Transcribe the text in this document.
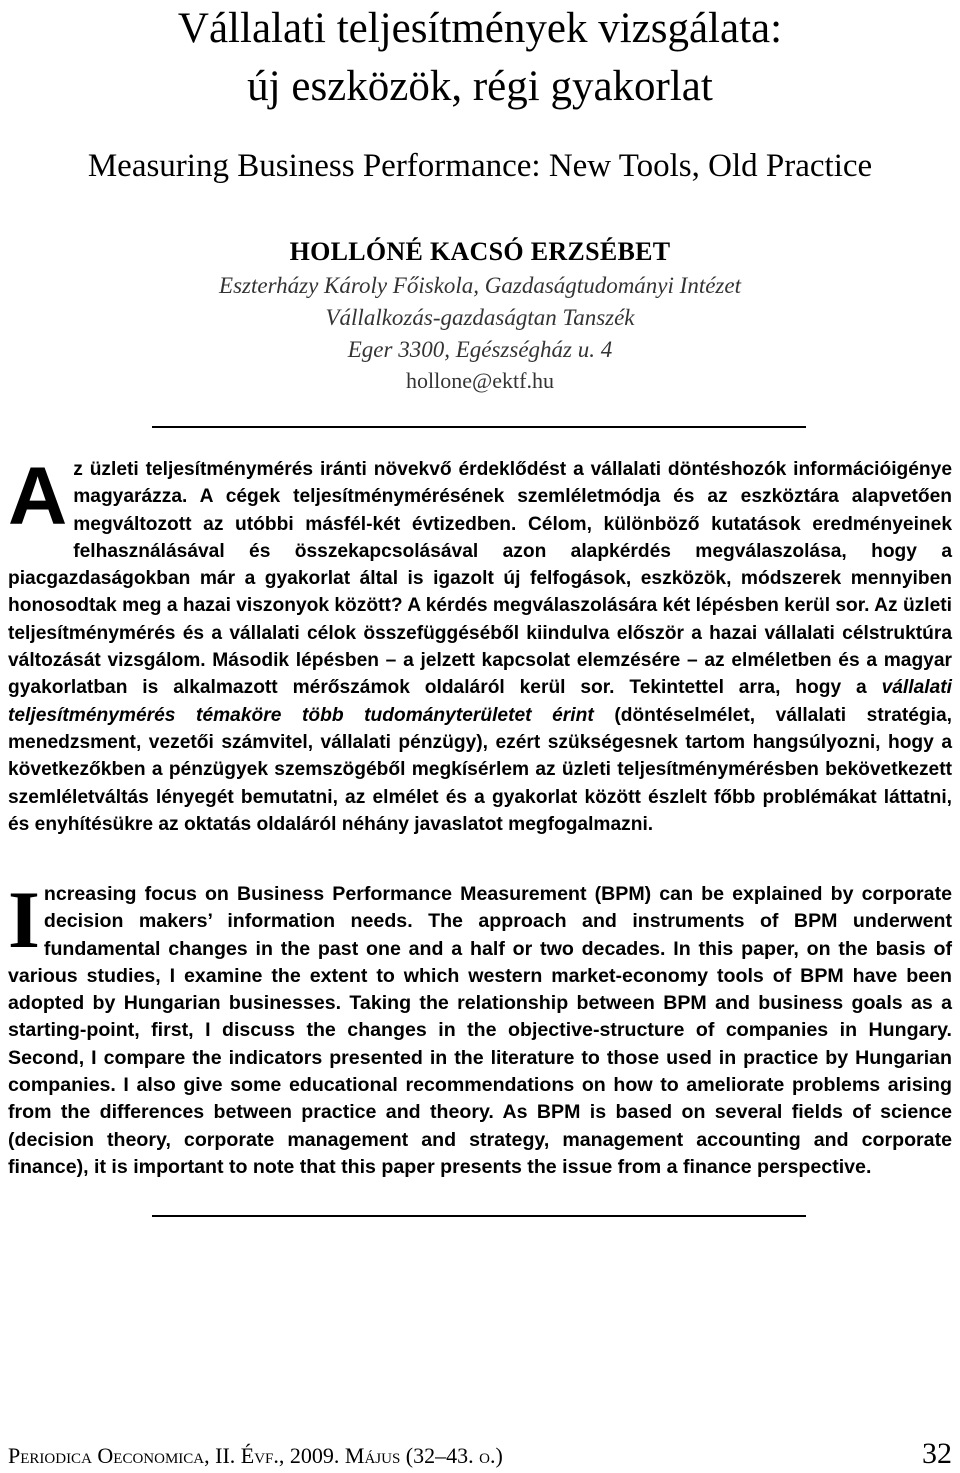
Vállalati teljesítmények vizsgálata:
új eszközök, régi gyakorlat
Measuring Business Performance: New Tools, Old Practice
HOLLÓNÉ KACSÓ ERZSÉBET
Eszterházy Károly Főiskola, Gazdaságtudományi Intézet
Vállalkozás-gazdaságtan Tanszék
Eger 3300, Egészségház u. 4
hollone@ektf.hu

Az üzleti teljesítménymérés iránti növekvő érdeklődést a vállalati döntéshozók információigénye magyarázza. A cégek teljesítménymérésének szemléletmódja és az eszköztára alapvetően megváltozott az utóbbi másfél-két évtizedben. Célom, különböző kutatások eredményeinek felhasználásával és összekapcsolásával azon alapkérdés megválaszolása, hogy a piacgazdaságokban már a gyakorlat által is igazolt új felfogások, eszközök, módszerek mennyiben honosodtak meg a hazai viszonyok között? A kérdés megválaszolására két lépésben kerül sor. Az üzleti teljesítménymérés és a vállalati célok összefüggéséből kiindulva először a hazai vállalati célstruktúra változását vizsgálom. Második lépésben – a jelzett kapcsolat elemzésére – az elméletben és a magyar gyakorlatban is alkalmazott mérőszámok oldaláról kerül sor. Tekintettel arra, hogy a vállalati teljesítménymérés témaköre több tudományterületet érint (döntéselmélet, vállalati stratégia, menedzsment, vezetői számvitel, vállalati pénzügy), ezért szükségesnek tartom hangsúlyozni, hogy a következőkben a pénzügyek szemszögéből megkísérlem az üzleti teljesítménymérésben bekövetkezett szemléletváltás lényegét bemutatni, az elmélet és a gyakorlat között észlelt főbb problémákat láttatni, és enyhítésükre az oktatás oldaláról néhány javaslatot megfogalmazni.

Increasing focus on Business Performance Measurement (BPM) can be explained by corporate decision makers’ information needs. The approach and instruments of BPM underwent fundamental changes in the past one and a half or two decades. In this paper, on the basis of various studies, I examine the extent to which western market-economy tools of BPM have been adopted by Hungarian businesses. Taking the relationship between BPM and business goals as a starting-point, first, I discuss the changes in the objective-structure of companies in Hungary. Second, I compare the indicators presented in the literature to those used in practice by Hungarian companies. I also give some educational recommendations on how to ameliorate problems arising from the differences between practice and theory. As BPM is based on several fields of science (decision theory, corporate management and strategy, management accounting and corporate finance), it is important to note that this paper presents the issue from a finance perspective.

Periodica Oeconomica, II. Évf., 2009. Május (32–43. o.)	32
